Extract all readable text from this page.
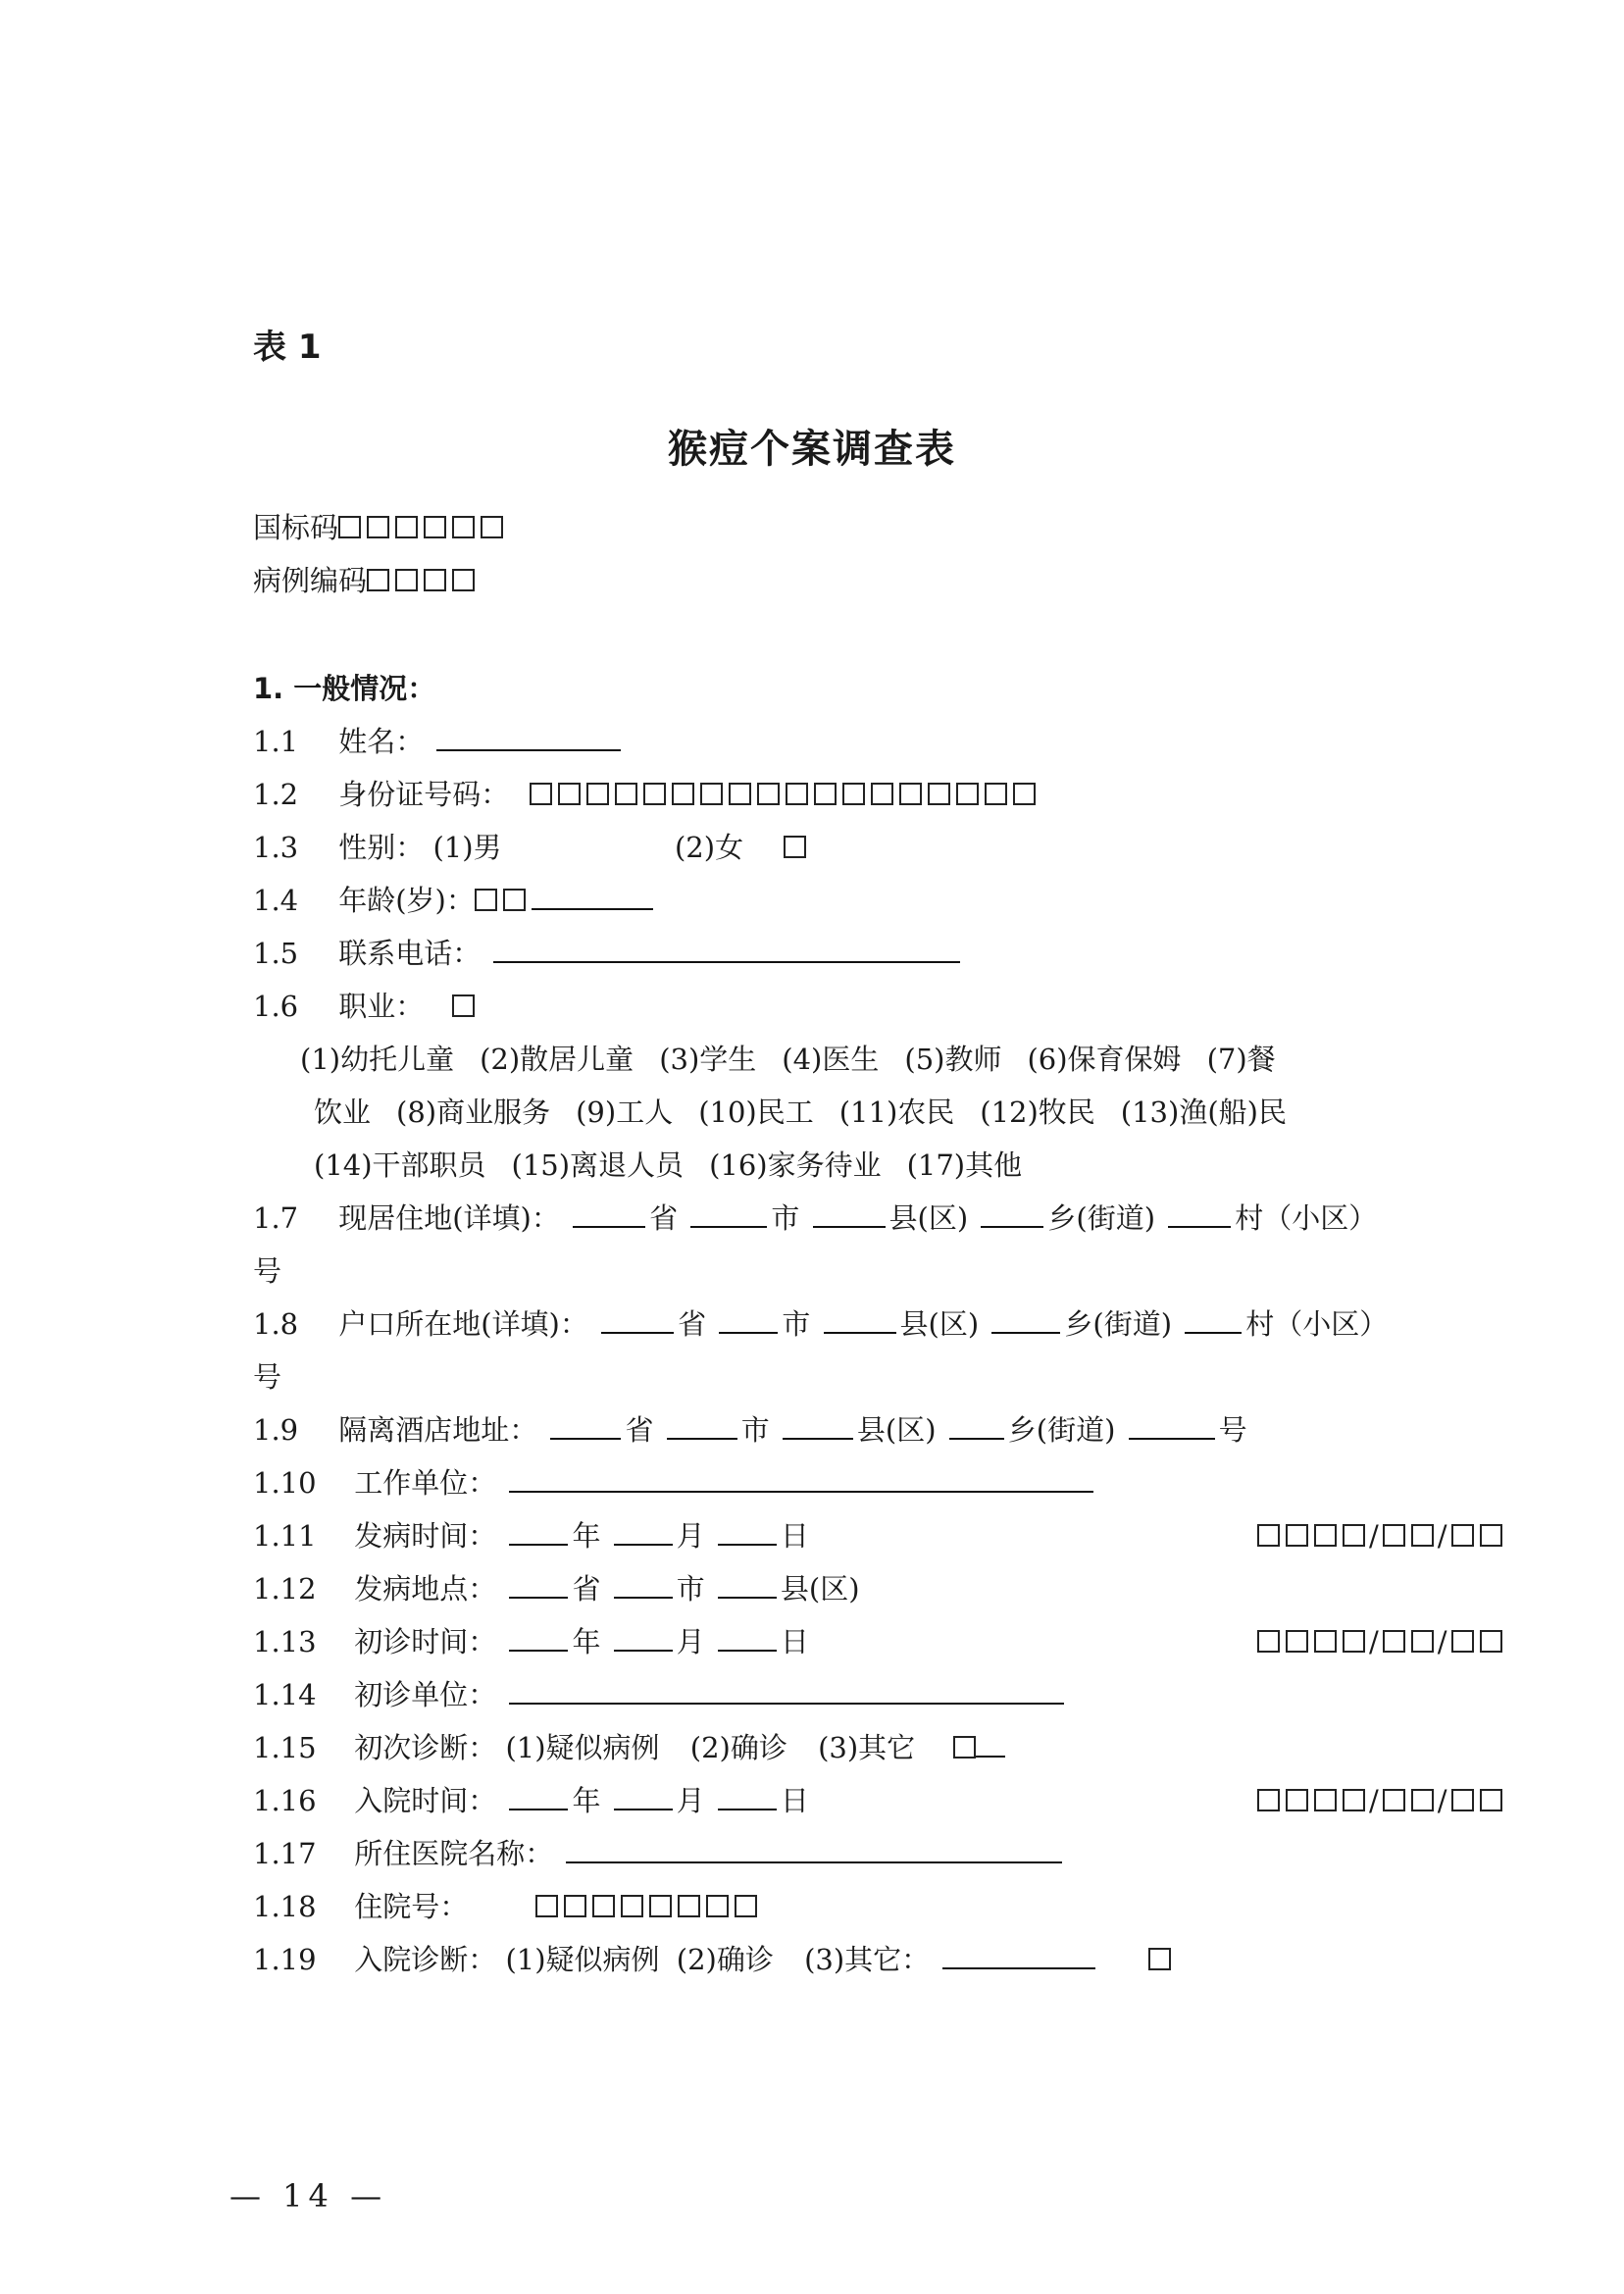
表 1
猴痘个案调查表
国标码
病例编码
1. 一般情况：
1.1 姓名：
1.2 身份证号码：
1.3 性别： (1)男	(2)女
1.4 年龄(岁)：
1.5 联系电话：
1.6 职业：
(1)幼托儿童 (2)散居儿童 (3)学生 (4)医生 (5)教师 (6)保育保姆 (7)餐
饮业 (8)商业服务 (9)工人 (10)民工 (11)农民 (12)牧民 (13)渔(船)民
(14)干部职员 (15)离退人员 (16)家务待业 (17)其他
1.7 现居住地(详填)：	省	市	县(区)	乡(街道)	村（小区）
号
1.8 户口所在地(详填)：	省	市	县(区)	乡(街道)	村（小区）
号
1.9 隔离酒店地址：	省	市	县(区)	乡(街道)	号
1.10 工作单位：
1.11 发病时间：	年	月	日	/ /
1.12 发病地点：	省	市	县(区)
1.13 初诊时间：	年	月	日	/ /
1.14 初诊单位：
1.15 初次诊断： (1)疑似病例 (2)确诊 (3)其它
1.16 入院时间：	年	月	日	/ /
1.17 所住医院名称：
1.18 住院号：
1.19 入院诊断： (1)疑似病例 (2)确诊 (3)其它：
— 14 —
